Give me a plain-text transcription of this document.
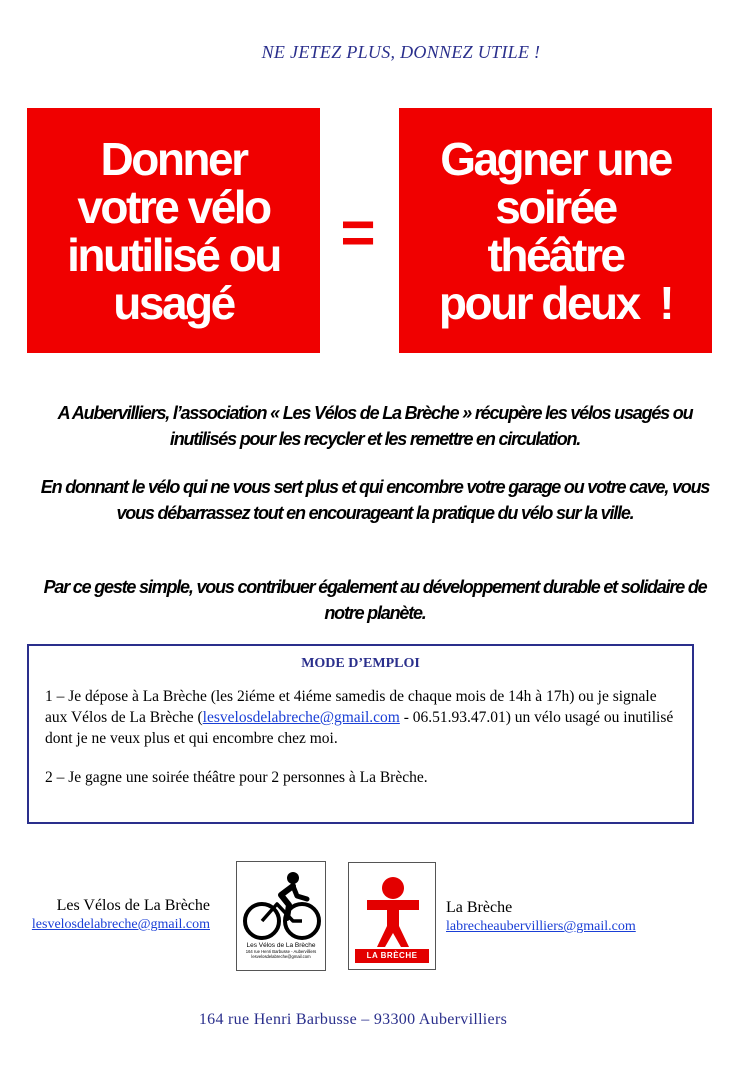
NE JETEZ PLUS, DONNEZ UTILE !
Donner
votre vélo
inutilisé ou
usagé
=
Gagner une
soirée
théâtre
pour deux  !

A Aubervilliers, l’association « Les Vélos de La Brèche » récupère les vélos usagés ou inutilisés pour les recycler et les remettre en circulation.

En donnant le vélo qui ne vous sert plus et qui encombre votre garage ou votre cave, vous vous débarrassez tout en encourageant la pratique du vélo sur la ville.

Par ce geste simple, vous contribuer également au développement durable et solidaire de notre planète.

MODE D’EMPLOI

1 – Je dépose à La Brèche (les 2iéme et 4iéme samedis de chaque mois de 14h à 17h) ou je signale aux Vélos de La Brèche (lesvelosdelabreche@gmail.com - 06.51.93.47.01) un vélo usagé ou inutilisé dont je ne veux plus et qui encombre chez moi.

2 – Je gagne une soirée théâtre pour 2 personnes à La Brèche.

Les Vélos de La Brèche
lesvelosdelabreche@gmail.com
Les Vélos de La Brèche
164 rue Henri Barbusse - Aubervilliers
lesvelosdelabreche@gmail.com	LA BRÈCHE
La Brèche
labrecheaubervilliers@gmail.com
164 rue Henri Barbusse – 93300 Aubervilliers
